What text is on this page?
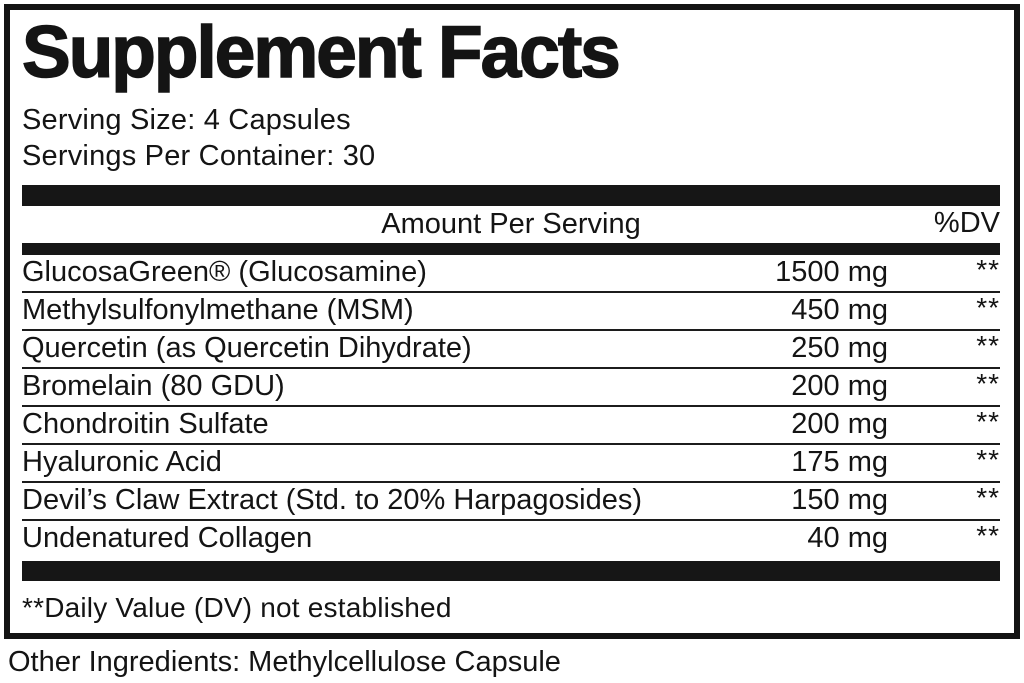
Supplement Facts
Serving Size: 4 Capsules
Servings Per Container: 30
Amount Per Serving	%DV
GlucosaGreen® (Glucosamine)	1500 mg	**
Methylsulfonylmethane (MSM)	450 mg	**
Quercetin (as Quercetin Dihydrate)	250 mg	**
Bromelain (80 GDU)	200 mg	**
Chondroitin Sulfate	200 mg	**
Hyaluronic Acid	175 mg	**
Devil’s Claw Extract (Std. to 20% Harpagosides)	150 mg	**
Undenatured Collagen	40 mg	**
**Daily Value (DV) not established
Other Ingredients: Methylcellulose Capsule
